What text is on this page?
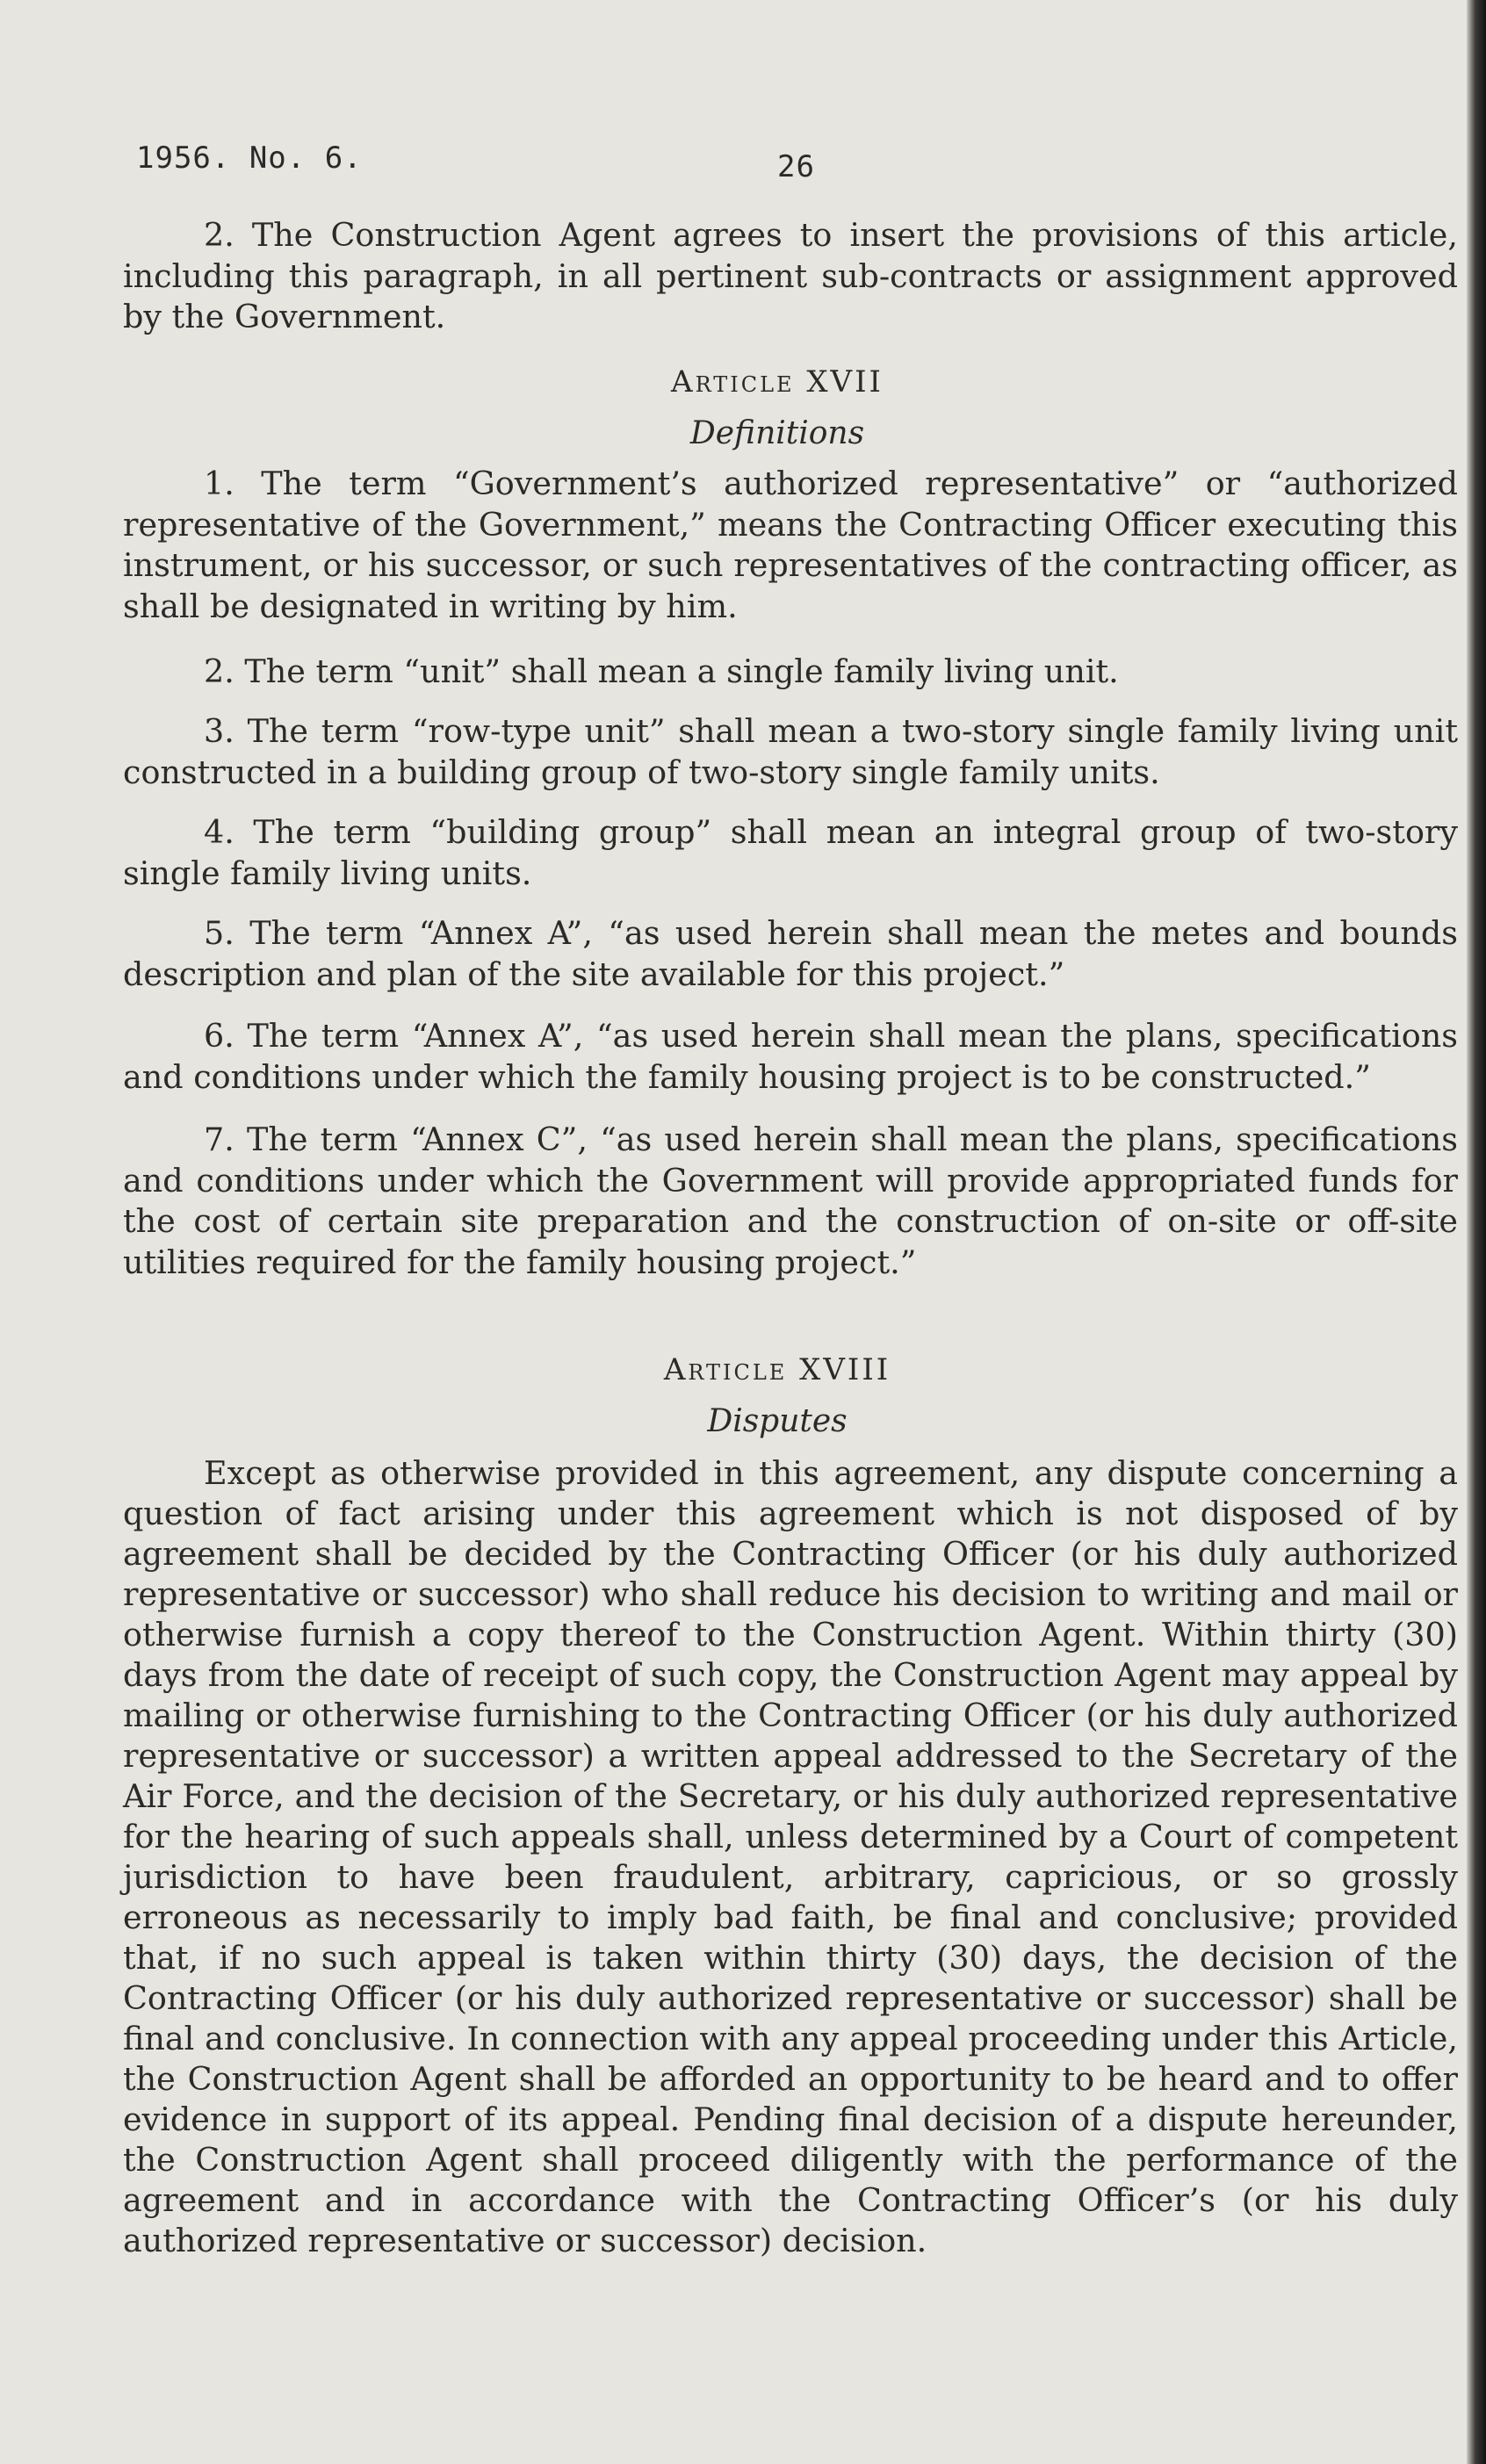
1956. No. 6.	26

2. The Construction Agent agrees to insert the provisions of this article, including this paragraph, in all pertinent sub-contracts or assignment approved by the Government.

Article XVII
Definitions

1. The term “Government’s authorized representative” or “authorized representative of the Government,” means the Contracting Officer executing this instrument, or his successor, or such representatives of the contracting officer, as shall be designated in writing by him.

2. The term “unit” shall mean a single family living unit.

3. The term “row-type unit” shall mean a two-story single family living unit constructed in a building group of two-story single family units.

4. The term “building group” shall mean an integral group of two-story single family living units.

5. The term “Annex A”, “as used herein shall mean the metes and bounds description and plan of the site available for this project.”

6. The term “Annex A”, “as used herein shall mean the plans, specifications and conditions under which the family housing project is to be constructed.”

7. The term “Annex C”, “as used herein shall mean the plans, specifications and conditions under which the Government will provide appropriated funds for the cost of certain site preparation and the construction of on-site or off-site utilities required for the family housing project.”

Article XVIII
Disputes

Except as otherwise provided in this agreement, any dispute concerning a question of fact arising under this agreement which is not disposed of by agreement shall be decided by the Contracting Officer (or his duly authorized representative or successor) who shall reduce his decision to writing and mail or otherwise furnish a copy thereof to the Construction Agent. Within thirty (30) days from the date of receipt of such copy, the Construction Agent may appeal by mailing or otherwise furnishing to the Contracting Officer (or his duly authorized representative or successor) a written appeal addressed to the Secretary of the Air Force, and the decision of the Secretary, or his duly authorized representative for the hearing of such appeals shall, unless determined by a Court of competent jurisdiction to have been fraudulent, arbitrary, capricious, or so grossly erroneous as necessarily to imply bad faith, be final and conclusive; provided that, if no such appeal is taken within thirty (30) days, the decision of the Contracting Officer (or his duly authorized representative or successor) shall be final and conclusive. In connection with any appeal proceeding under this Article, the Construction Agent shall be afforded an opportunity to be heard and to offer evidence in support of its appeal. Pending final decision of a dispute hereunder, the Construction Agent shall proceed diligently with the performance of the agreement and in accordance with the Contracting Officer’s (or his duly authorized representative or successor) decision.
